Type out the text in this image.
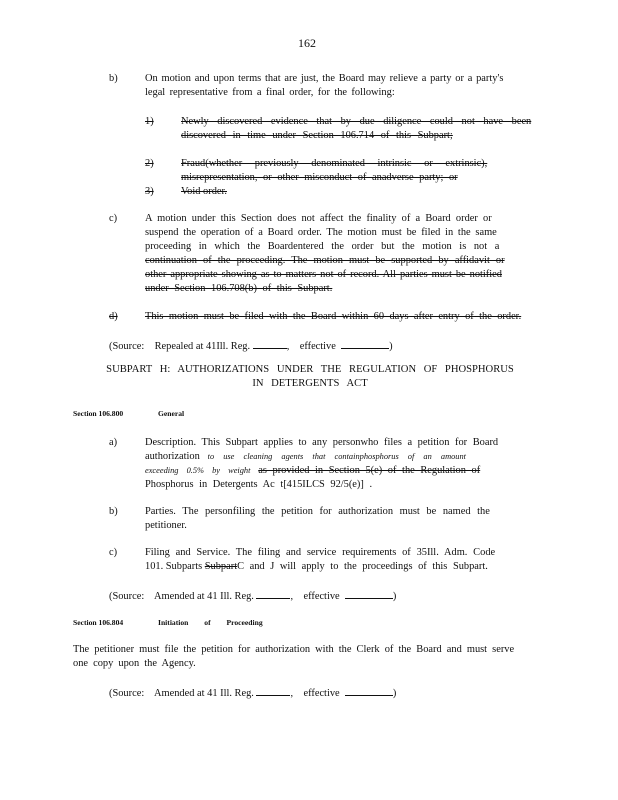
162
b)	On motion and upon terms that are just, the Board may relieve a party or a party's
legal representative from a final order, for the following:
1)	Newly discovered evidence that by due diligence could not have been
discovered in time under Section 106.714 of this Subpart;
2)	Fraud(whether previously denominated intrinsic or extrinsic),
misrepresentation, or other misconduct of anadverse party; or
3)	Void order.
c)	A motion under this Section does not affect the finality of a Board order or
suspend the operation of a Board order. The motion must be filed in the same
proceeding in which the Boardentered the order but the motion is not a
continuation of the proceeding. The motion must be supported by affidavit or
other appropriate showing as to matters not of record. All parties must be notified
under Section 106.708(b) of this Subpart.
d)	This motion must be filed with the Board within 60 days after entry of the order.
(Source: Repealed at 41Ill. Reg.	, effective	)
SUBPART H: AUTHORIZATIONS UNDER THE REGULATION OF PHOSPHORUS
IN DETERGENTS ACT
Section 106.800	General
a)	Description. This Subpart applies to any personwho files a petition for Board
authorization to use cleaning agents that containphosphorus of an amount
exceeding 0.5% by weight as provided in Section 5(e) of the Regulation of
Phosphorus in Detergents Ac t[415ILCS 92/5(e)] .
b)	Parties. The personfiling the petition for authorization must be named the
petitioner.
c)	Filing and Service. The filing and service requirements of 35Ill. Adm. Code
101. Subparts SubpartC and J will apply to the proceedings of this Subpart.
(Source: Amended at 41 Ill. Reg.	, effective	)
Section 106.804	Initiation of Proceeding
The petitioner must file the petition for authorization with the Clerk of the Board and must serve
one copy upon the Agency.
(Source: Amended at 41 Ill. Reg.	, effective	)
